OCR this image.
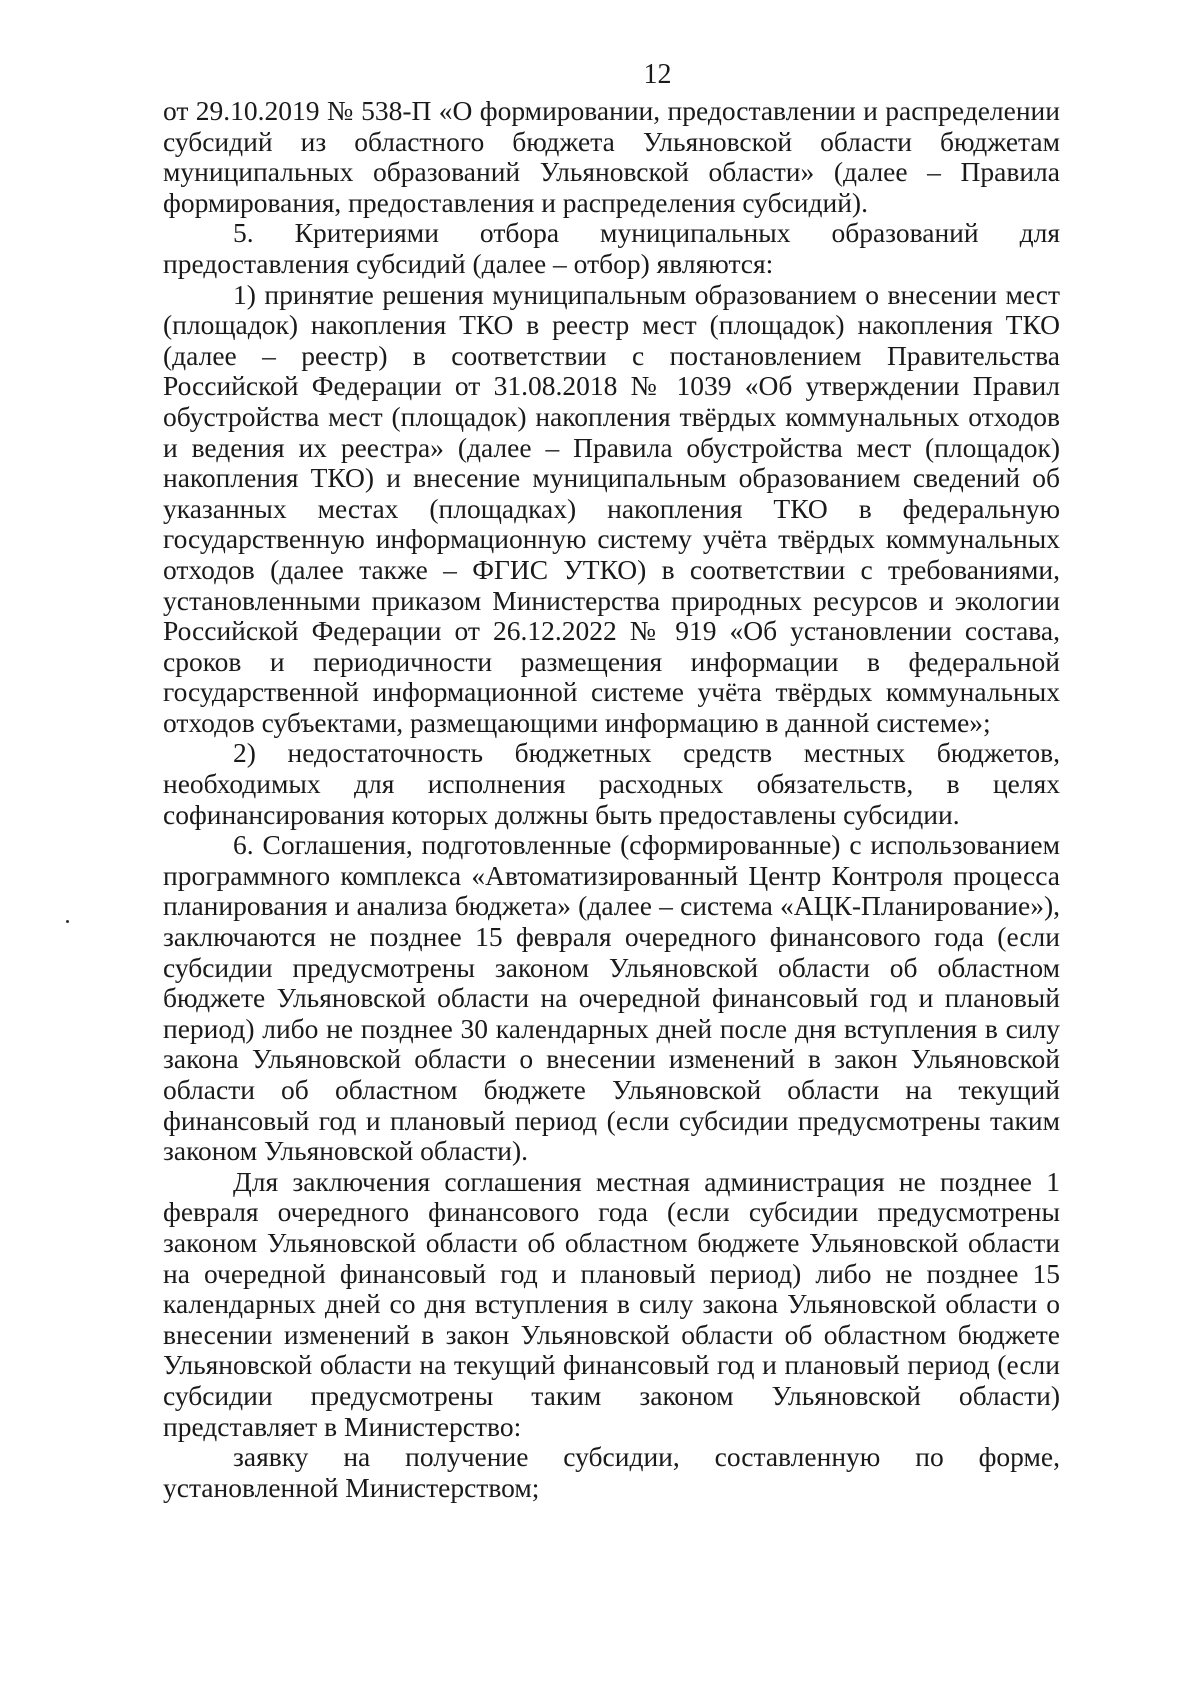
12

от 29.10.2019 № 538-П «О формировании, предоставлении и распределении субсидий из областного бюджета Ульяновской области бюджетам муниципальных образований Ульяновской области» (далее – Правила формирования, предоставления и распределения субсидий).

5. Критериями отбора муниципальных образований для предоставления субсидий (далее – отбор) являются:

1) принятие решения муниципальным образованием о внесении мест (площадок) накопления ТКО в реестр мест (площадок) накопления ТКО (далее – реестр) в соответствии с постановлением Правительства Российской Федерации от 31.08.2018 № 1039 «Об утверждении Правил обустройства мест (площадок) накопления твёрдых коммунальных отходов и ведения их реестра» (далее – Правила обустройства мест (площадок) накопления ТКО) и внесение муниципальным образованием сведений об указанных местах (площадках) накопления ТКО в федеральную государственную информационную систему учёта твёрдых коммунальных отходов (далее также – ФГИС УТКО) в соответствии с требованиями, установленными приказом Министерства природных ресурсов и экологии Российской Федерации от 26.12.2022 № 919 «Об установлении состава, сроков и периодичности размещения информации в федеральной государственной информационной системе учёта твёрдых коммунальных отходов субъектами, размещающими информацию в данной системе»;

2) недостаточность бюджетных средств местных бюджетов, необходимых для исполнения расходных обязательств, в целях софинансирования которых должны быть предоставлены субсидии.

6. Соглашения, подготовленные (сформированные) с использованием программного комплекса «Автоматизированный Центр Контроля процесса планирования и анализа бюджета» (далее – система «АЦК-Планирование»), заключаются не позднее 15 февраля очередного финансового года (если субсидии предусмотрены законом Ульяновской области об областном бюджете Ульяновской области на очередной финансовый год и плановый период) либо не позднее 30 календарных дней после дня вступления в силу закона Ульяновской области о внесении изменений в закон Ульяновской области об областном бюджете Ульяновской области на текущий финансовый год и плановый период (если субсидии предусмотрены таким законом Ульяновской области).

Для заключения соглашения местная администрация не позднее 1 февраля очередного финансового года (если субсидии предусмотрены законом Ульяновской области об областном бюджете Ульяновской области на очередной финансовый год и плановый период) либо не позднее 15 календарных дней со дня вступления в силу закона Ульяновской области о внесении изменений в закон Ульяновской области об областном бюджете Ульяновской области на текущий финансовый год и плановый период (если субсидии предусмотрены таким законом Ульяновской области) представляет в Министерство:

заявку на получение субсидии, составленную по форме, установленной Министерством;
